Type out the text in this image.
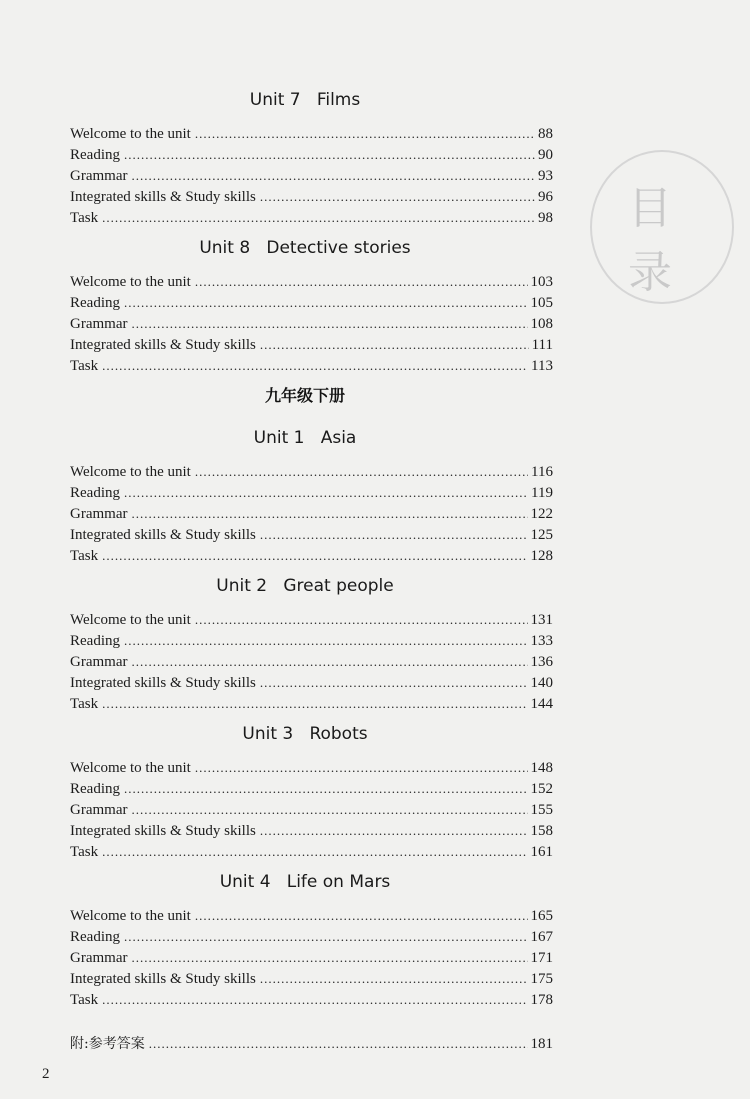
目
录
Unit 7 Films
Welcome to the unit .....	88
Reading .....	90
Grammar .....	93
Integrated skills & Study skills .....	96
Task .....	98
Unit 8 Detective stories
Welcome to the unit .....	103
Reading .....	105
Grammar .....	108
Integrated skills & Study skills .....	111
Task .....	113
九年级下册
Unit 1 Asia
Welcome to the unit .....	116
Reading .....	119
Grammar .....	122
Integrated skills & Study skills .....	125
Task .....	128
Unit 2 Great people
Welcome to the unit .....	131
Reading .....	133
Grammar .....	136
Integrated skills & Study skills .....	140
Task .....	144
Unit 3 Robots
Welcome to the unit .....	148
Reading .....	152
Grammar .....	155
Integrated skills & Study skills .....	158
Task .....	161
Unit 4 Life on Mars
Welcome to the unit .....	165
Reading .....	167
Grammar .....	171
Integrated skills & Study skills .....	175
Task .....	178
附:参考答案 .....	181
2
